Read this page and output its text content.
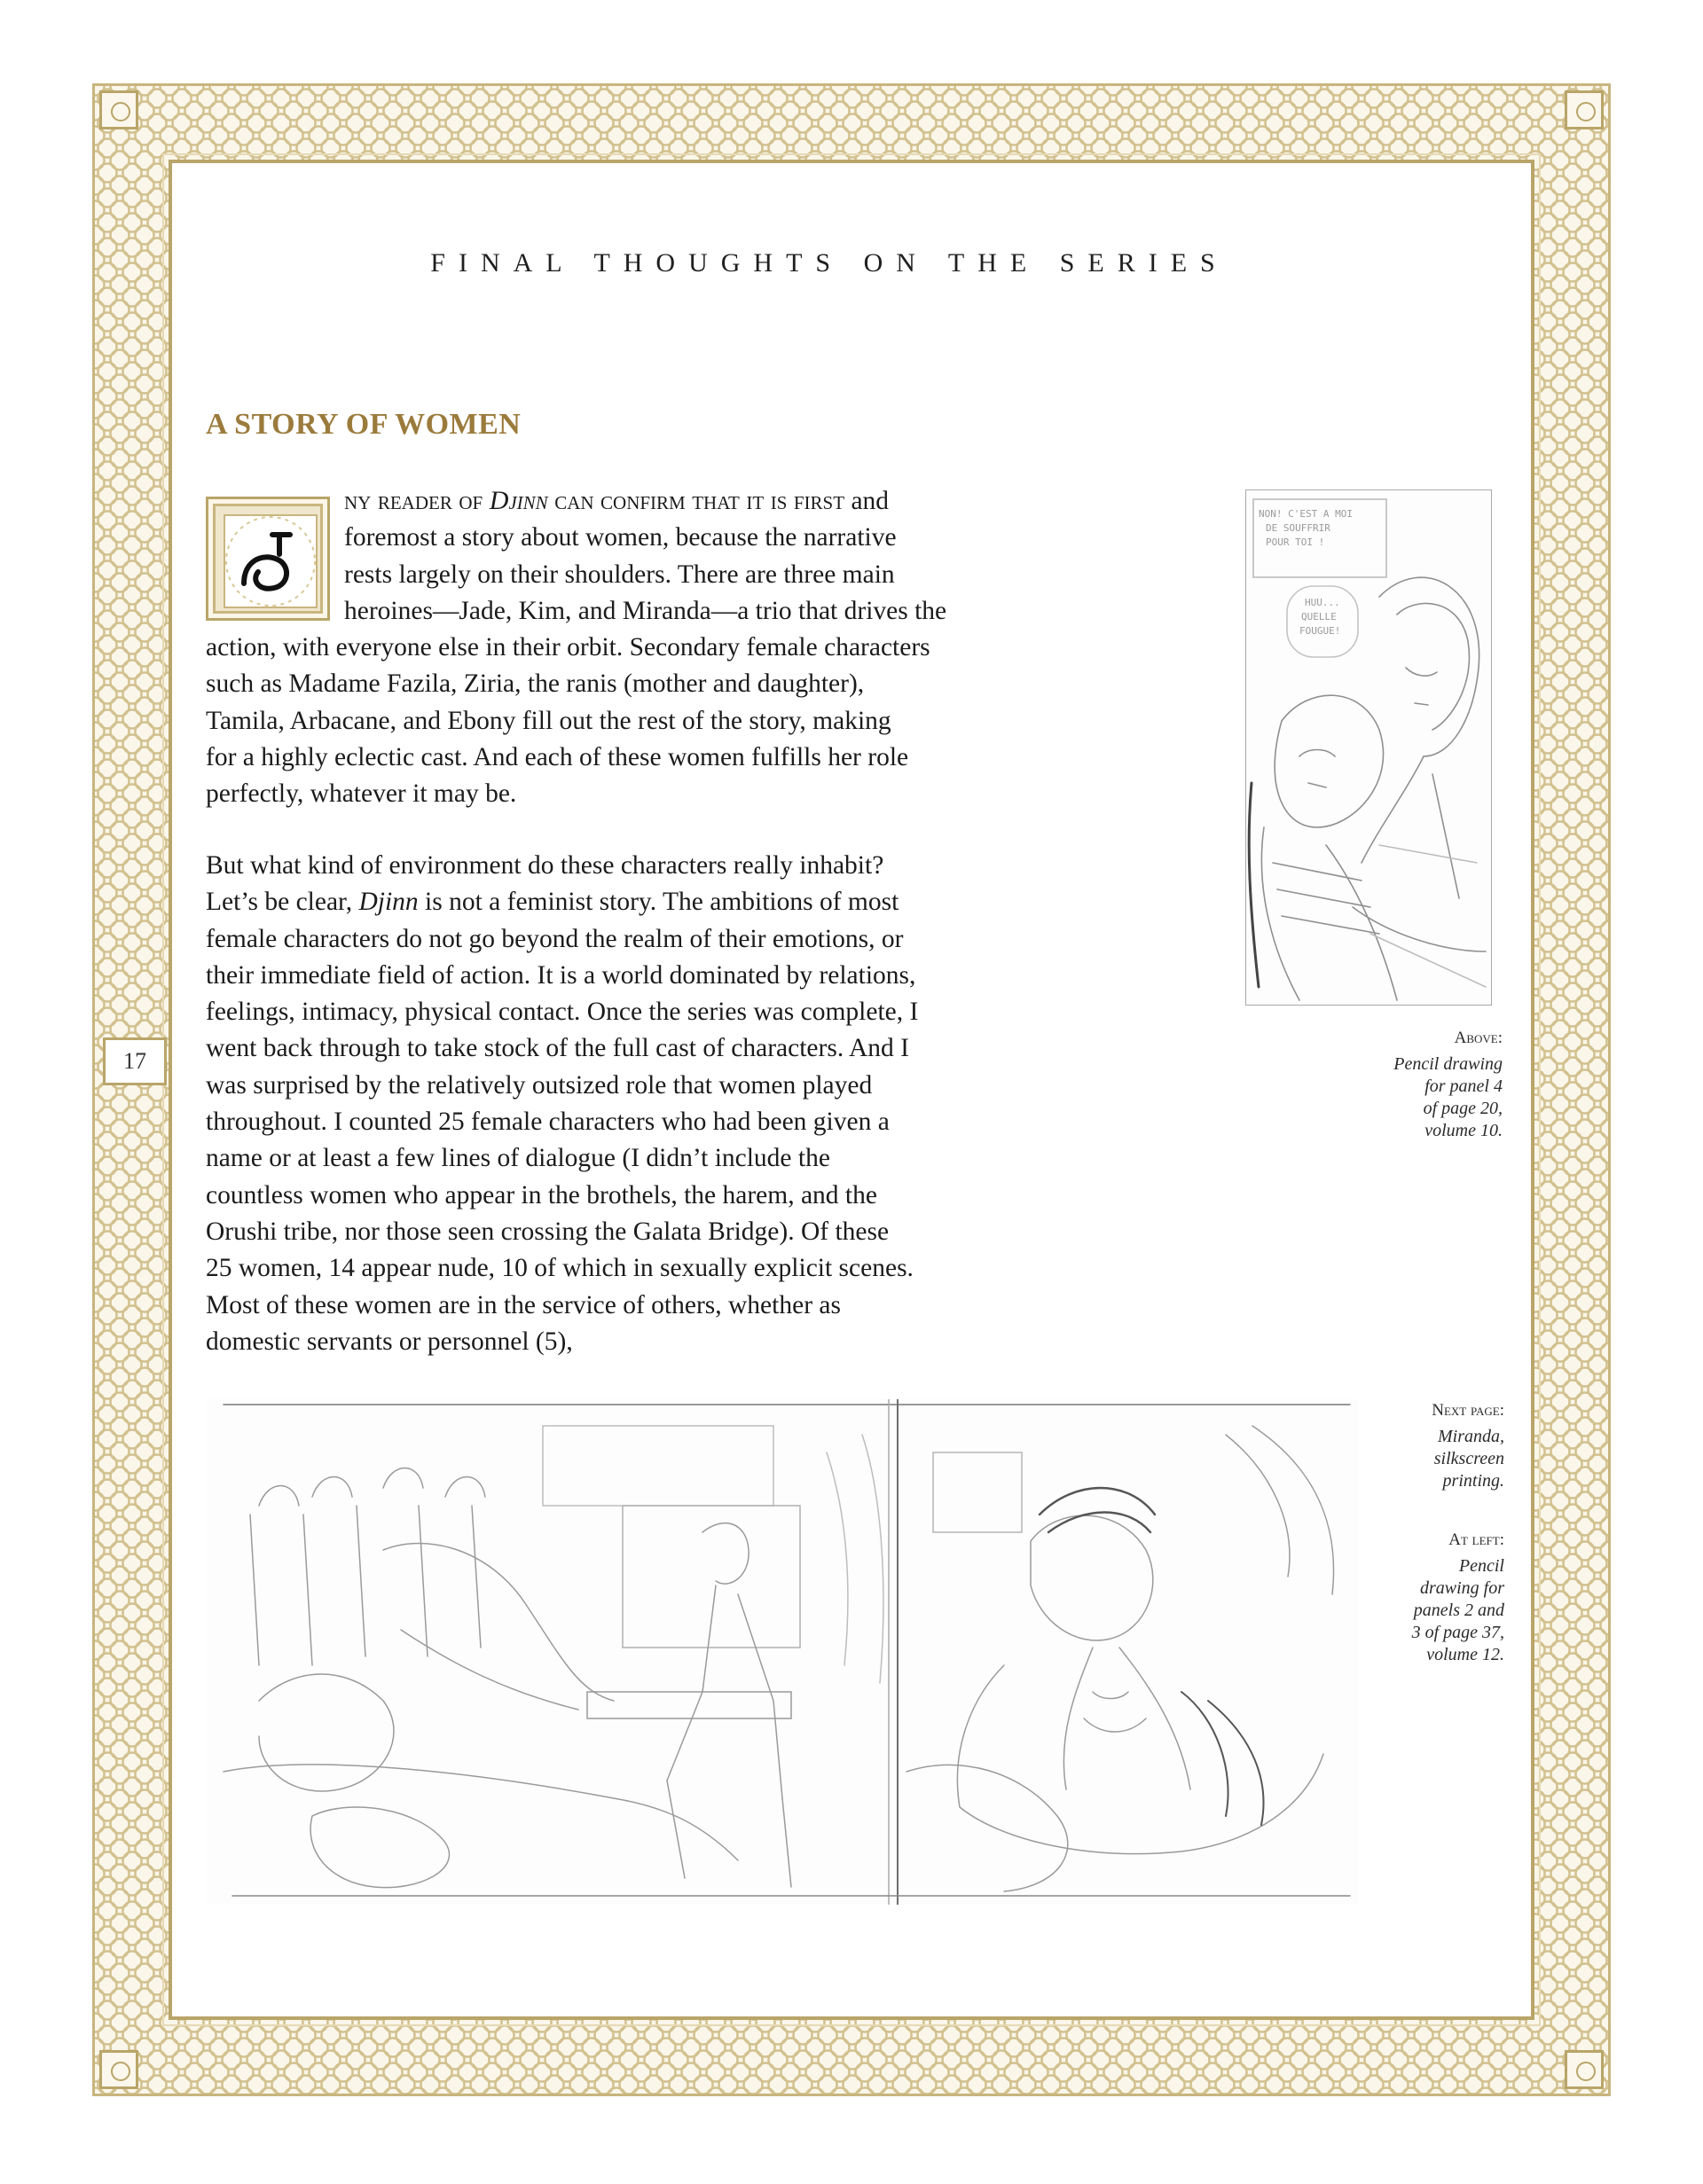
17
FINAL THOUGHTS ON THE SERIES
A STORY OF WOMEN
ny reader of Djinn can confirm that it is first and
foremost a story about women, because the narrative
rests largely on their shoulders. There are three main
heroines—Jade, Kim, and Miranda—a trio that drives the
action, with everyone else in their orbit. Secondary female characters
such as Madame Fazila, Ziria, the ranis (mother and daughter),
Tamila, Arbacane, and Ebony fill out the rest of the story, making
for a highly eclectic cast. And each of these women fulfills her role
perfectly, whatever it may be.
But what kind of environment do these characters really inhabit?
Let’s be clear, Djinn is not a feminist story. The ambitions of most
female characters do not go beyond the realm of their emotions, or
their immediate field of action. It is a world dominated by relations,
feelings, intimacy, physical contact. Once the series was complete, I
went back through to take stock of the full cast of characters. And I
was surprised by the relatively outsized role that women played
throughout. I counted 25 female characters who had been given a
name or at least a few lines of dialogue (I didn’t include the
countless women who appear in the brothels, the harem, and the
Orushi tribe, nor those seen crossing the Galata Bridge). Of these
25 women, 14 appear nude, 10 of which in sexually explicit scenes.
Most of these women are in the service of others, whether as
domestic servants or personnel (5),
NON! C'EST A MOI
DE SOUFFRIR
POUR TOI !
HUU...
QUELLE
FOUGUE!
Above:
Pencil drawing
for panel 4
of page 20,
volume 10.
Next page:
Miranda,
silkscreen
printing.
At left:
Pencil
drawing for
panels 2 and
3 of page 37,
volume 12.
